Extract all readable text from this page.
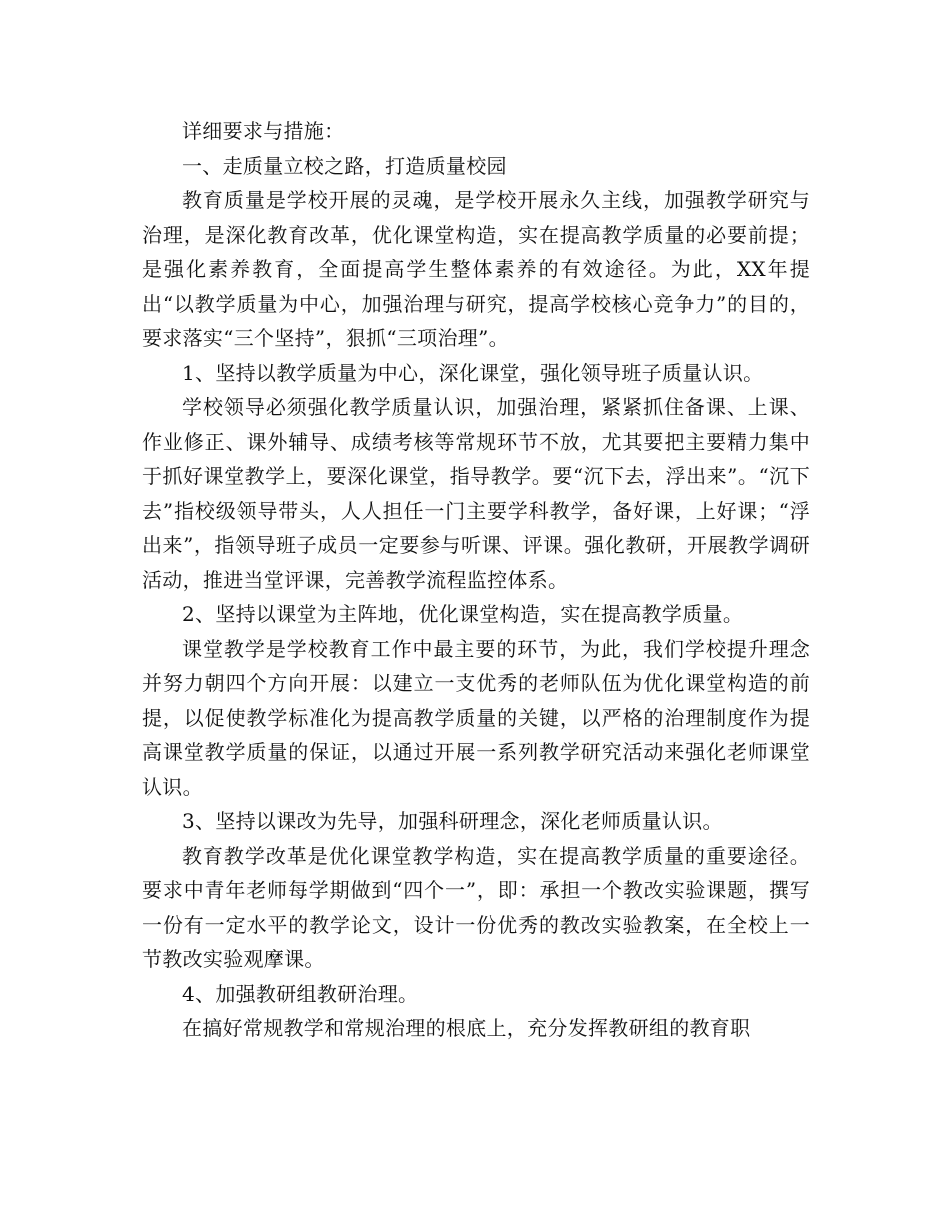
详细要求与措施：

一、走质量立校之路，打造质量校园

教育质量是学校开展的灵魂，是学校开展永久主线，加强教学研究与治理，是深化教育改革，优化课堂构造，实在提高教学质量的必要前提；是强化素养教育，全面提高学生整体素养的有效途径。为此，XX年提出“以教学质量为中心，加强治理与研究，提高学校核心竞争力”的目的，要求落实“三个坚持”，狠抓“三项治理”。

1、坚持以教学质量为中心，深化课堂，强化领导班子质量认识。

学校领导必须强化教学质量认识，加强治理，紧紧抓住备课、上课、作业修正、课外辅导、成绩考核等常规环节不放，尤其要把主要精力集中于抓好课堂教学上，要深化课堂，指导教学。要“沉下去，浮出来”。“沉下去”指校级领导带头，人人担任一门主要学科教学，备好课，上好课；“浮出来”，指领导班子成员一定要参与听课、评课。强化教研，开展教学调研活动，推进当堂评课，完善教学流程监控体系。

2、坚持以课堂为主阵地，优化课堂构造，实在提高教学质量。

课堂教学是学校教育工作中最主要的环节，为此，我们学校提升理念并努力朝四个方向开展：以建立一支优秀的老师队伍为优化课堂构造的前提，以促使教学标准化为提高教学质量的关键，以严格的治理制度作为提高课堂教学质量的保证，以通过开展一系列教学研究活动来强化老师课堂认识。

3、坚持以课改为先导，加强科研理念，深化老师质量认识。

教育教学改革是优化课堂教学构造，实在提高教学质量的重要途径。要求中青年老师每学期做到“四个一”，即：承担一个教改实验课题，撰写一份有一定水平的教学论文，设计一份优秀的教改实验教案，在全校上一节教改实验观摩课。

4、加强教研组教研治理。

在搞好常规教学和常规治理的根底上，充分发挥教研组的教育职
